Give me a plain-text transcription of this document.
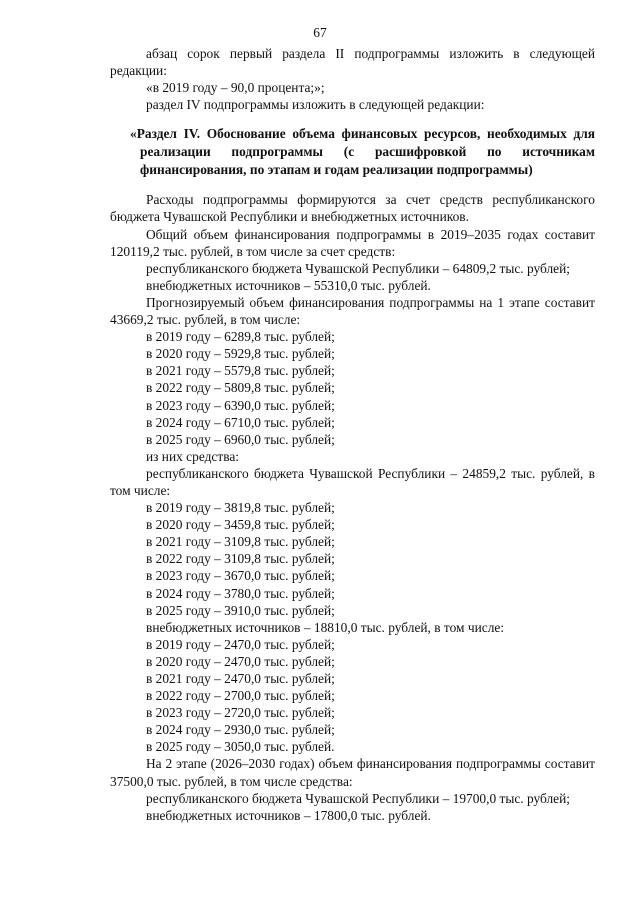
67

абзац сорок первый раздела II подпрограммы изложить в следующей редакции:

«в 2019 году – 90,0 процента;»;

раздел IV подпрограммы изложить в следующей редакции:

«Раздел IV. Обоснование объема финансовых ресурсов, необходимых для реализации подпрограммы (с расшифровкой по источникам финансирования, по этапам и годам реализации подпрограммы)

Расходы подпрограммы формируются за счет средств республиканского бюджета Чувашской Республики и внебюджетных источников.

Общий объем финансирования подпрограммы в 2019–2035 годах составит 120119,2 тыс. рублей, в том числе за счет средств:

республиканского бюджета Чувашской Республики – 64809,2 тыс. рублей;

внебюджетных источников – 55310,0 тыс. рублей.

Прогнозируемый объем финансирования подпрограммы на 1 этапе составит 43669,2 тыс. рублей, в том числе:

в 2019 году – 6289,8 тыс. рублей;

в 2020 году – 5929,8 тыс. рублей;

в 2021 году – 5579,8 тыс. рублей;

в 2022 году – 5809,8 тыс. рублей;

в 2023 году – 6390,0 тыс. рублей;

в 2024 году – 6710,0 тыс. рублей;

в 2025 году – 6960,0 тыс. рублей;

из них средства:

республиканского бюджета Чувашской Республики – 24859,2 тыс. рублей, в том числе:

в 2019 году – 3819,8 тыс. рублей;

в 2020 году – 3459,8 тыс. рублей;

в 2021 году – 3109,8 тыс. рублей;

в 2022 году – 3109,8 тыс. рублей;

в 2023 году – 3670,0 тыс. рублей;

в 2024 году – 3780,0 тыс. рублей;

в 2025 году – 3910,0 тыс. рублей;

внебюджетных источников – 18810,0 тыс. рублей, в том числе:

в 2019 году – 2470,0 тыс. рублей;

в 2020 году – 2470,0 тыс. рублей;

в 2021 году – 2470,0 тыс. рублей;

в 2022 году – 2700,0 тыс. рублей;

в 2023 году – 2720,0 тыс. рублей;

в 2024 году – 2930,0 тыс. рублей;

в 2025 году – 3050,0 тыс. рублей.

На 2 этапе (2026–2030 годах) объем финансирования подпрограммы составит 37500,0 тыс. рублей, в том числе средства:

республиканского бюджета Чувашской Республики – 19700,0 тыс. рублей;

внебюджетных источников – 17800,0 тыс. рублей.
